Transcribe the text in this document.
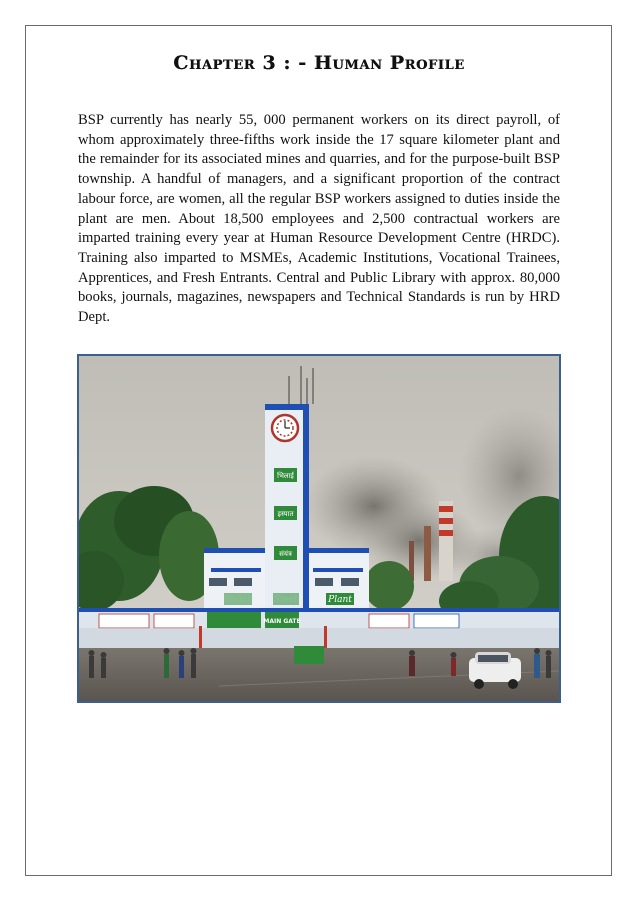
Chapter 3 : - Human Profile

BSP currently has nearly 55, 000 permanent workers on its direct payroll, of whom approximately three-fifths work inside the 17 square kilometer plant and the remainder for its associated mines and quarries, and for the purpose-built BSP township. A handful of managers, and a significant proportion of the contract labour force, are women, all the regular BSP workers assigned to duties inside the plant are men. About 18,500 employees and 2,500 contractual workers are imparted training every year at Human Resource Development Centre (HRDC). Training also imparted to MSMEs, Academic Institutions, Vocational Trainees, Apprentices, and Fresh Entrants. Central and Public Library with approx. 80,000 books, journals, magazines, newspapers and Technical Standards is run by HRD Dept.

भिलाई
इस्पात
संयंत्र
Plant
MAIN GATE
